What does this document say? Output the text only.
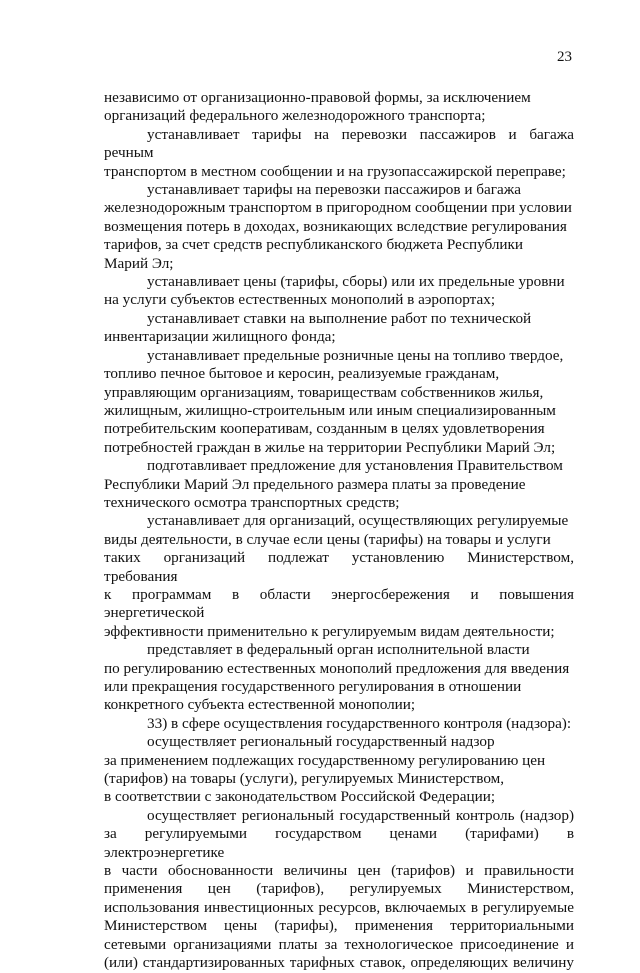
23

независимо от организационно-правовой формы, за исключением
организаций федерального железнодорожного транспорта;

устанавливает тарифы на перевозки пассажиров и багажа речным
транспортом в местном сообщении и на грузопассажирской переправе;

устанавливает тарифы на перевозки пассажиров и багажа
железнодорожным транспортом в пригородном сообщении при условии
возмещения потерь в доходах, возникающих вследствие регулирования
тарифов, за счет средств республиканского бюджета Республики
Марий Эл;

устанавливает цены (тарифы, сборы) или их предельные уровни
на услуги субъектов естественных монополий в аэропортах;

устанавливает ставки на выполнение работ по технической
инвентаризации жилищного фонда;

устанавливает предельные розничные цены на топливо твердое,
топливо печное бытовое и керосин, реализуемые гражданам,
управляющим организациям, товариществам собственников жилья,
жилищным, жилищно-строительным или иным специализированным
потребительским кооперативам, созданным в целях удовлетворения
потребностей граждан в жилье на территории Республики Марий Эл;

подготавливает предложение для установления Правительством
Республики Марий Эл предельного размера платы за проведение
технического осмотра транспортных средств;

устанавливает для организаций, осуществляющих регулируемые
виды деятельности, в случае если цены (тарифы) на товары и услуги
таких организаций подлежат установлению Министерством, требования
к программам в области энергосбережения и повышения энергетической
эффективности применительно к регулируемым видам деятельности;

представляет в федеральный орган исполнительной власти
по регулированию естественных монополий предложения для введения
или прекращения государственного регулирования в отношении
конкретного субъекта естественной монополии;

33) в сфере осуществления государственного контроля (надзора):

осуществляет региональный государственный надзор
за применением подлежащих государственному регулированию цен
(тарифов) на товары (услуги), регулируемых Министерством,
в соответствии с законодательством Российской Федерации;

осуществляет региональный государственный контроль (надзор)
за регулируемыми государством ценами (тарифами) в электроэнергетике
в части обоснованности величины цен (тарифов) и правильности
применения цен (тарифов), регулируемых Министерством,
использования инвестиционных ресурсов, включаемых в регулируемые
Министерством цены (тарифы), применения территориальными
сетевыми организациями платы за технологическое присоединение и
(или) стандартизированных тарифных ставок, определяющих величину
